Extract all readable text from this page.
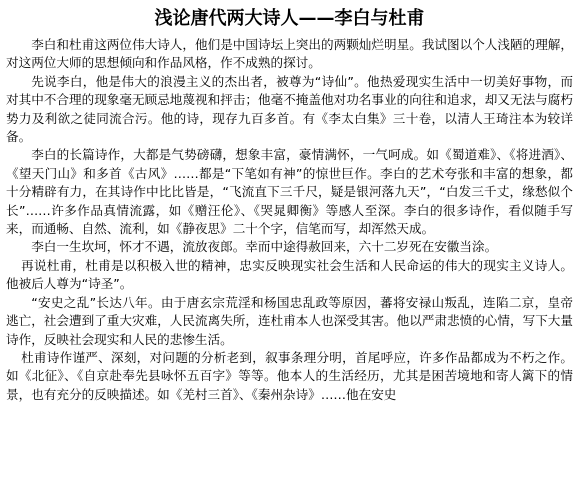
浅论唐代两大诗人——李白与杜甫

李白和杜甫这两位伟大诗人，他们是中国诗坛上突出的两颗灿烂明星。我试图以个人浅陋的理解，对这两位大师的思想倾向和作品风格，作不成熟的探讨。

先说李白，他是伟大的浪漫主义的杰出者，被尊为“诗仙”。他热爱现实生活中一切美好事物，而对其中不合理的现象毫无顾忌地蔑视和抨击；他毫不掩盖他对功名事业的向往和追求，却又无法与腐朽势力及利欲之徒同流合污。他的诗，现存九百多首。有《李太白集》三十卷，以清人王琦注本为较详备。

李白的长篇诗作，大都是气势磅礴，想象丰富，豪情满怀，一气呵成。如《蜀道难》、《将进酒》、《望天门山》和多首《古风》……都是“下笔如有神”的惊世巨作。李白的艺术夸张和丰富的想象，都十分精辟有力，在其诗作中比比皆是，“飞流直下三千尺，疑是银河落九天”，“白发三千丈，缘愁似个长”……许多作品真情流露，如《赠汪伦》、《哭晁卿衡》等感人至深。李白的很多诗作，看似随手写来，而通畅、自然、流利，如《静夜思》二十个字，信笔而写，却浑然天成。

李白一生坎坷，怀才不遇，流放夜郎。幸而中途得赦回来，六十二岁死在安徽当涂。

再说杜甫，杜甫是以积极入世的精神，忠实反映现实社会生活和人民命运的伟大的现实主义诗人。他被后人尊为“诗圣”。

“安史之乱”长达八年。由于唐玄宗荒淫和杨国忠乱政等原因，蕃将安禄山叛乱，连陷二京，皇帝逃亡，社会遭到了重大灾难，人民流离失所，连杜甫本人也深受其害。他以严肃悲愤的心情，写下大量诗作，反映社会现实和人民的悲惨生活。

杜甫诗作谨严、深刻，对问题的分析老到，叙事条理分明，首尾呼应，许多作品都成为不朽之作。如《北征》、《自京赴奉先县咏怀五百字》等等。他本人的生活经历，尤其是困苦境地和寄人篱下的情景，也有充分的反映描述。如《羌村三首》、《秦州杂诗》……他在安史
